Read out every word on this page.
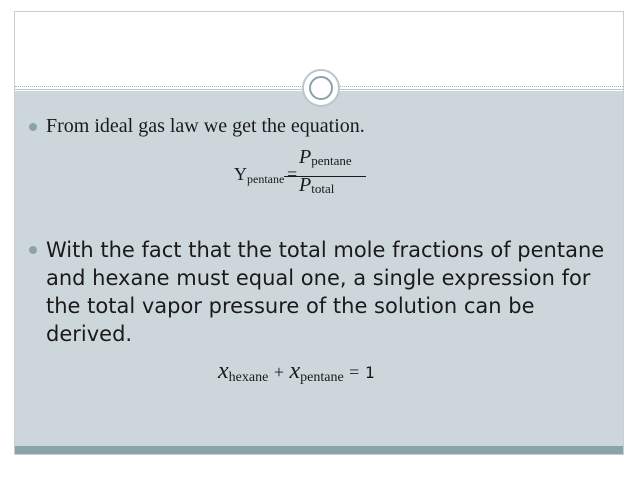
From ideal gas law we get the equation.
$Y_{pentane}$ =
$P_{pentane}$
$P_{total}$
With the fact that the total mole fractions of pentane
and hexane must equal one, a single expression for
the total vapor pressure of the solution can be
derived.
$x_{hexane} + x_{pentane} = 1$
